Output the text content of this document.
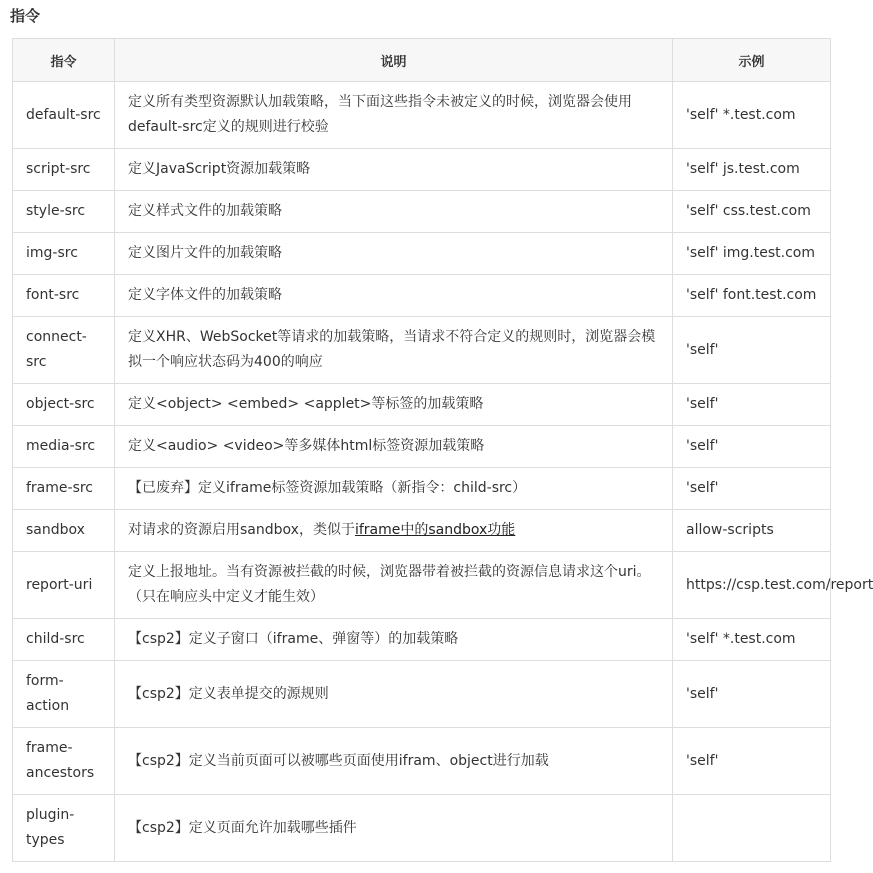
指令
指令	说明	示例
default-src	定义所有类型资源默认加载策略，当下面这些指令未被定义的时候，浏览器会使用default-src定义的规则进行校验	'self' *.test.com
script-src	定义JavaScript资源加载策略	'self' js.test.com
style-src	定义样式文件的加载策略	'self' css.test.com
img-src	定义图片文件的加载策略	'self' img.test.com
font-src	定义字体文件的加载策略	'self' font.test.com
connect-src	定义XHR、WebSocket等请求的加载策略，当请求不符合定义的规则时，浏览器会模拟一个响应状态码为400的响应	'self'
object-src	定义<object> <embed> <applet>等标签的加载策略	'self'
media-src	定义<audio> <video>等多媒体html标签资源加载策略	'self'
frame-src	【已废弃】定义iframe标签资源加载策略（新指令：child-src）	'self'
sandbox	对请求的资源启用sandbox，类似于iframe中的sandbox功能	allow-scripts
report-uri	定义上报地址。当有资源被拦截的时候，浏览器带着被拦截的资源信息请求这个uri。（只在响应头中定义才能生效）	https://csp.test.com/report
child-src	【csp2】定义子窗口（iframe、弹窗等）的加载策略	'self' *.test.com
form-action	【csp2】定义表单提交的源规则	'self'
frame-ancestors	【csp2】定义当前页面可以被哪些页面使用ifram、object进行加载	'self'
plugin-types	【csp2】定义页面允许加载哪些插件	
